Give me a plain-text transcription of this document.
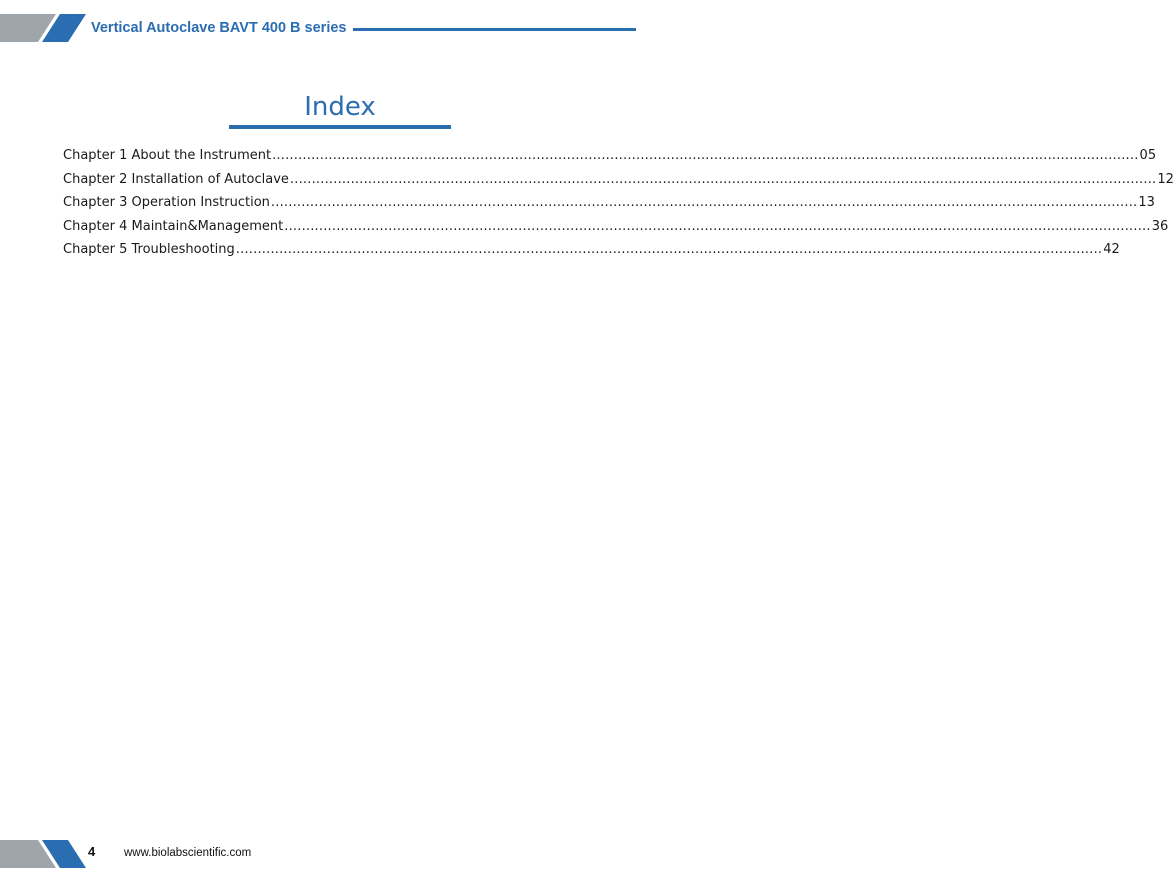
Vertical Autoclave BAVT 400 B series
Index
Chapter 1 About the Instrument ........................................................................................................................................................................................................ 05
Chapter 2 Installation of Autoclave ........................................................................................................................................................................................................ 12
Chapter 3 Operation Instruction ........................................................................................................................................................................................................ 13
Chapter 4 Maintain&Management ........................................................................................................................................................................................................ 36
Chapter 5 Troubleshooting ........................................................................................................................................................................................................ 42
4	www.biolabscientific.com
